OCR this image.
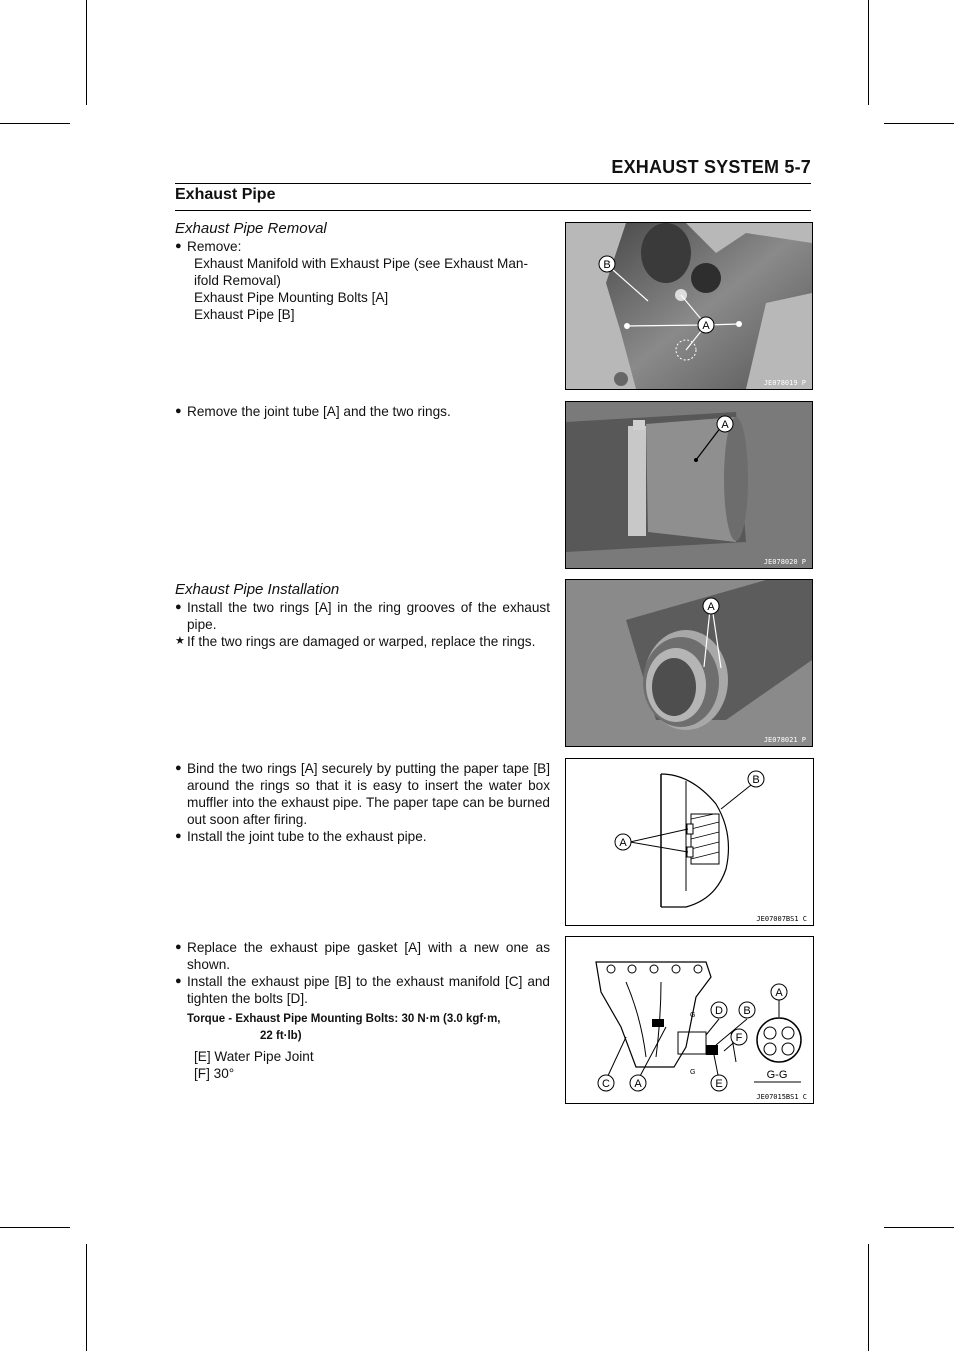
EXHAUST SYSTEM 5-7
Exhaust Pipe
Exhaust Pipe Removal
● Remove:
Exhaust Manifold with Exhaust Pipe (see Exhaust Man-
ifold Removal)
Exhaust Pipe Mounting Bolts [A]
Exhaust Pipe [B]
● Remove the joint tube [A] and the two rings.
Exhaust Pipe Installation
● Install the two rings [A] in the ring grooves of the exhaust pipe.
★ If the two rings are damaged or warped, replace the rings.
● Bind the two rings [A] securely by putting the paper tape [B] around the rings so that it is easy to insert the water box muffler into the exhaust pipe. The paper tape can be burned out soon after firing.
● Install the joint tube to the exhaust pipe.
● Replace the exhaust pipe gasket [A] with a new one as shown.
● Install the exhaust pipe [B] to the exhaust manifold [C] and tighten the bolts [D].
Torque - Exhaust Pipe Mounting Bolts: 30 N·m (3.0 kgf·m,
22 ft·lb)
[E] Water Pipe Joint
[F] 30°
B
A
JE078019 P
A
JE078020 P
A
JE078021 P
B
A
JE07007BS1 C
A
D B
F
C A	E
G
G	G-G
JE07015BS1 C
